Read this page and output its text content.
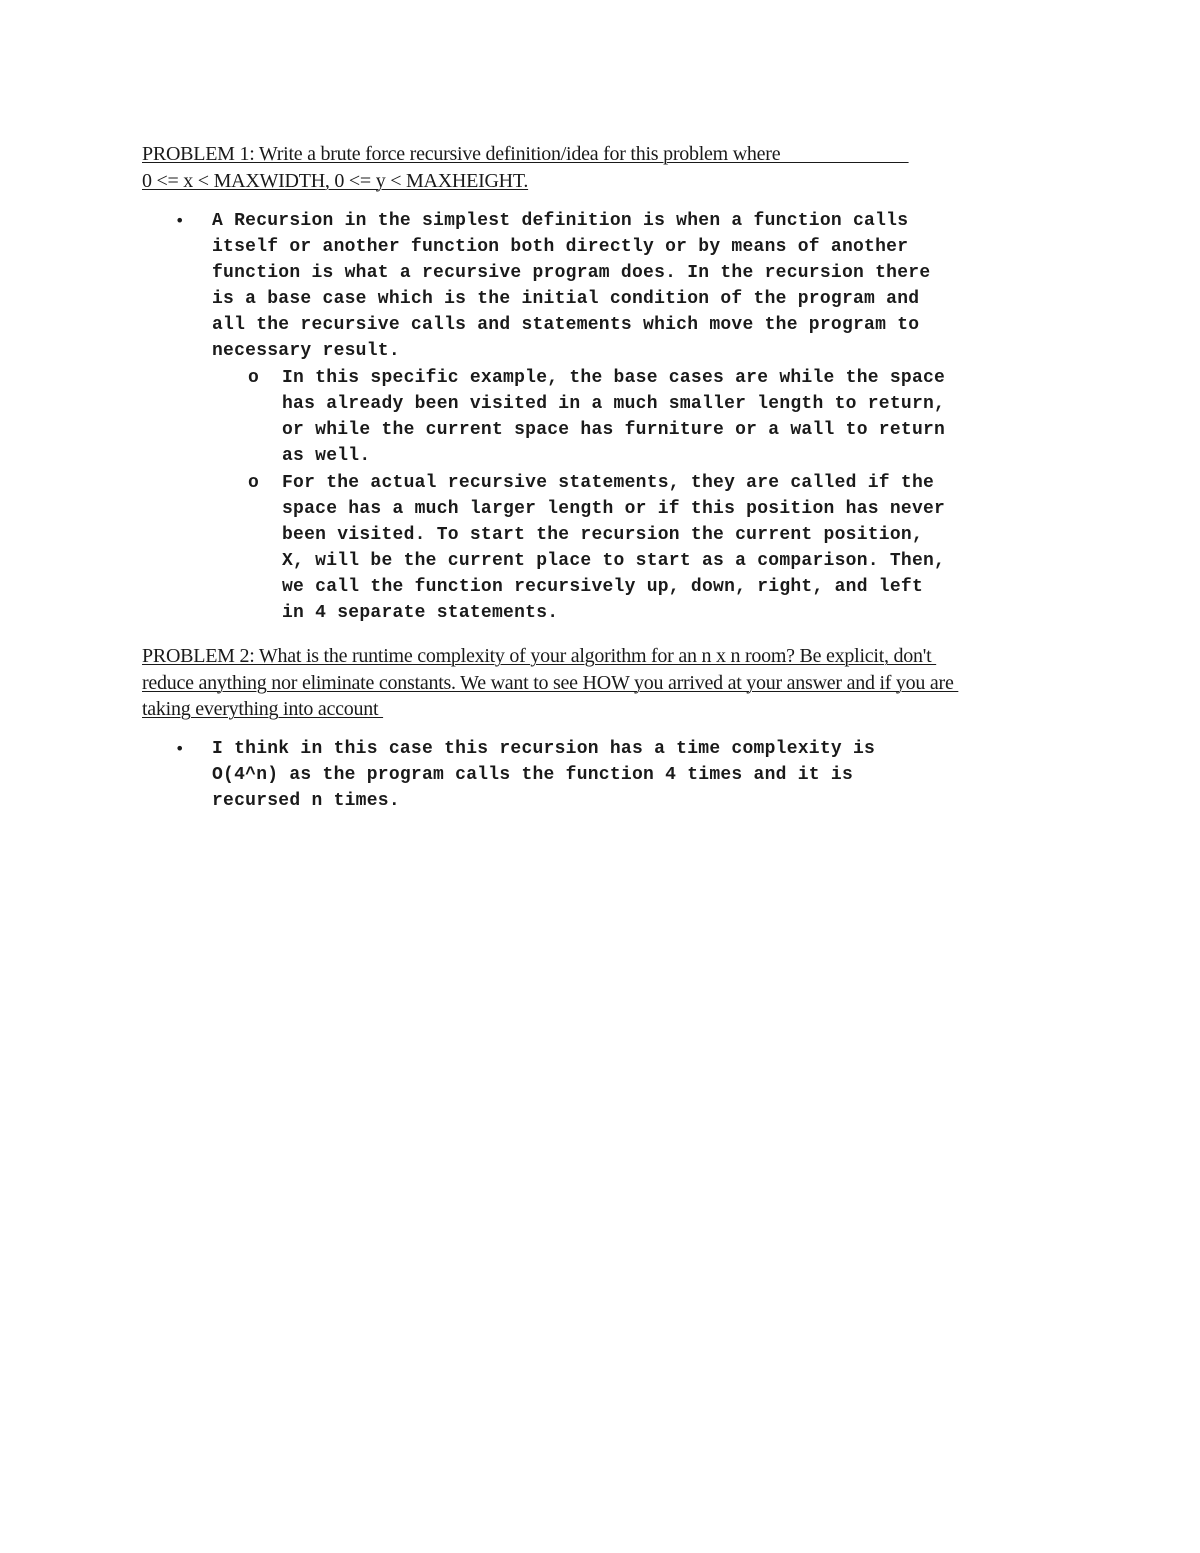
PROBLEM 1: Write a brute force recursive definition/idea for this problem where
0 <= x < MAXWIDTH, 0 <= y < MAXHEIGHT.
• A Recursion in the simplest definition is when a function calls
itself or another function both directly or by means of another
function is what a recursive program does. In the recursion there
is a base case which is the initial condition of the program and
all the recursive calls and statements which move the program to
necessary result.
o In this specific example, the base cases are while the space
has already been visited in a much smaller length to return,
or while the current space has furniture or a wall to return
as well.
o For the actual recursive statements, they are called if the
space has a much larger length or if this position has never
been visited. To start the recursion the current position,
X, will be the current place to start as a comparison. Then,
we call the function recursively up, down, right, and left
in 4 separate statements.
PROBLEM 2: What is the runtime complexity of your algorithm for an n x n room? Be explicit, don't
reduce anything nor eliminate constants. We want to see HOW you arrived at your answer and if you are
taking everything into account
• I think in this case this recursion has a time complexity is
O(4^n) as the program calls the function 4 times and it is
recursed n times.
